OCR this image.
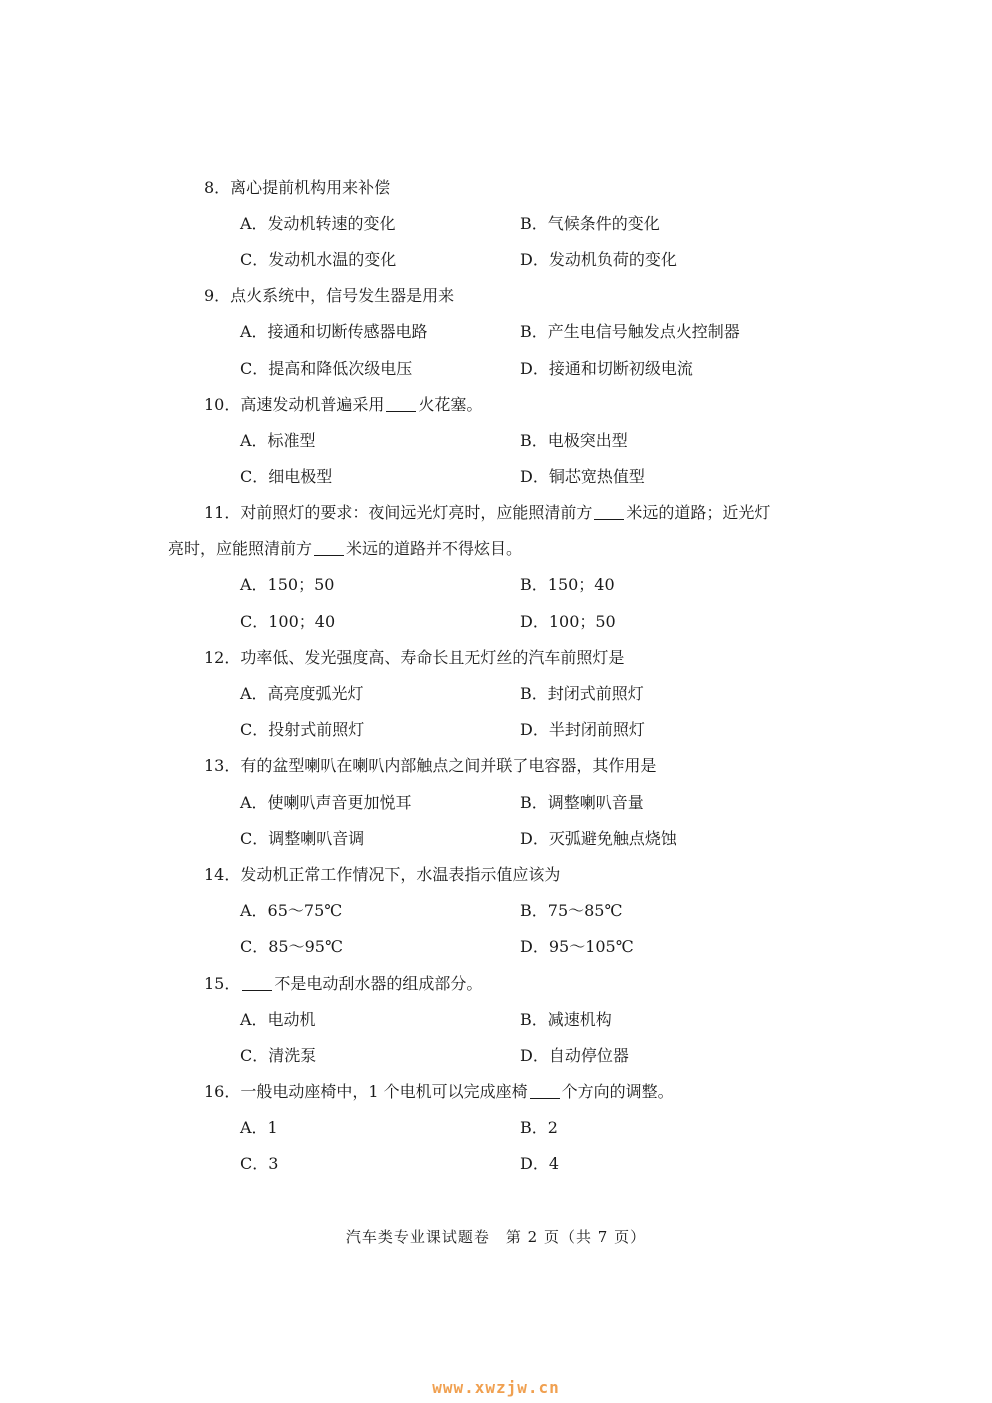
8．离心提前机构用来补偿
A．发动机转速的变化	B．气候条件的变化
C．发动机水温的变化	D．发动机负荷的变化
9．点火系统中，信号发生器是用来
A．接通和切断传感器电路	B．产生电信号触发点火控制器
C．提高和降低次级电压	D．接通和切断初级电流
10．高速发动机普遍采用 火花塞。
A．标准型	B．电极突出型
C．细电极型	D．铜芯宽热值型
11．对前照灯的要求：夜间远光灯亮时，应能照清前方 米远的道路；近光灯
亮时，应能照清前方 米远的道路并不得炫目。
A．150；50	B．150；40
C．100；40	D．100；50
12．功率低、发光强度高、寿命长且无灯丝的汽车前照灯是
A．高亮度弧光灯	B．封闭式前照灯
C．投射式前照灯	D．半封闭前照灯
13．有的盆型喇叭在喇叭内部触点之间并联了电容器，其作用是
A．使喇叭声音更加悦耳	B．调整喇叭音量
C．调整喇叭音调	D．灭弧避免触点烧蚀
14．发动机正常工作情况下，水温表指示值应该为
A．65～75℃	B．75～85℃
C．85～95℃	D．95～105℃
15． 不是电动刮水器的组成部分。
A．电动机	B．减速机构
C．清洗泵	D．自动停位器
16．一般电动座椅中，1 个电机可以完成座椅 个方向的调整。
A．1	B．2
C．3	D．4
汽车类专业课试题卷　第 2 页（共 7 页）
www.xwzjw.cn
